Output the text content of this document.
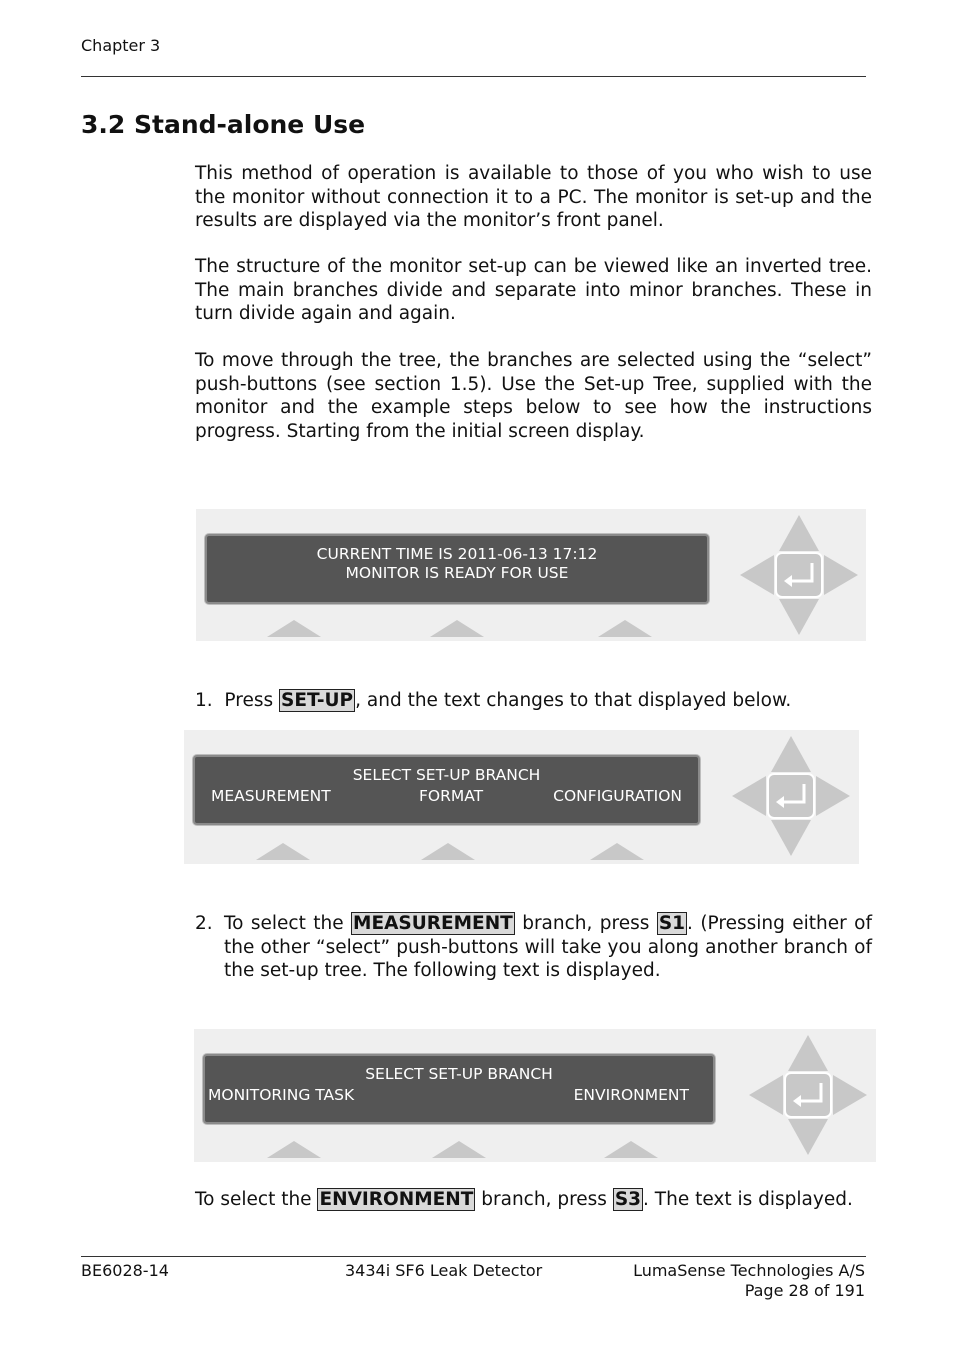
Chapter 3
3.2 Stand-alone Use

This method of operation is available to those of you who wish to use the monitor without connection it to a PC. The monitor is set-up and the results are displayed via the monitor’s front panel.

The structure of the monitor set-up can be viewed like an inverted tree. The main branches divide and separate into minor branches. These in turn divide again and again.

To move through the tree, the branches are selected using the “select” push-buttons (see section 1.5). Use the Set-up Tree, supplied with the monitor and the example steps below to see how the instructions progress. Starting from the initial screen display.

CURRENT TIME IS 2011-06-13 17:12
MONITOR IS READY FOR USE
1. Press SET-UP , and the text changes to that displayed below.
SELECT SET-UP BRANCH
MEASUREMENT	FORMAT	CONFIGURATION
2. To select the MEASUREMENT branch, press S1 . (Pressing either of the other “select” push-buttons will take you along another branch of the set-up tree. The following text is displayed.
SELECT SET-UP BRANCH
MONITORING TASK	ENVIRONMENT

To select the ENVIRONMENT branch, press S3 . The text is displayed.

BE6028-14	3434i SF6 Leak Detector	LumaSense Technologies A/S
Page 28 of 191
